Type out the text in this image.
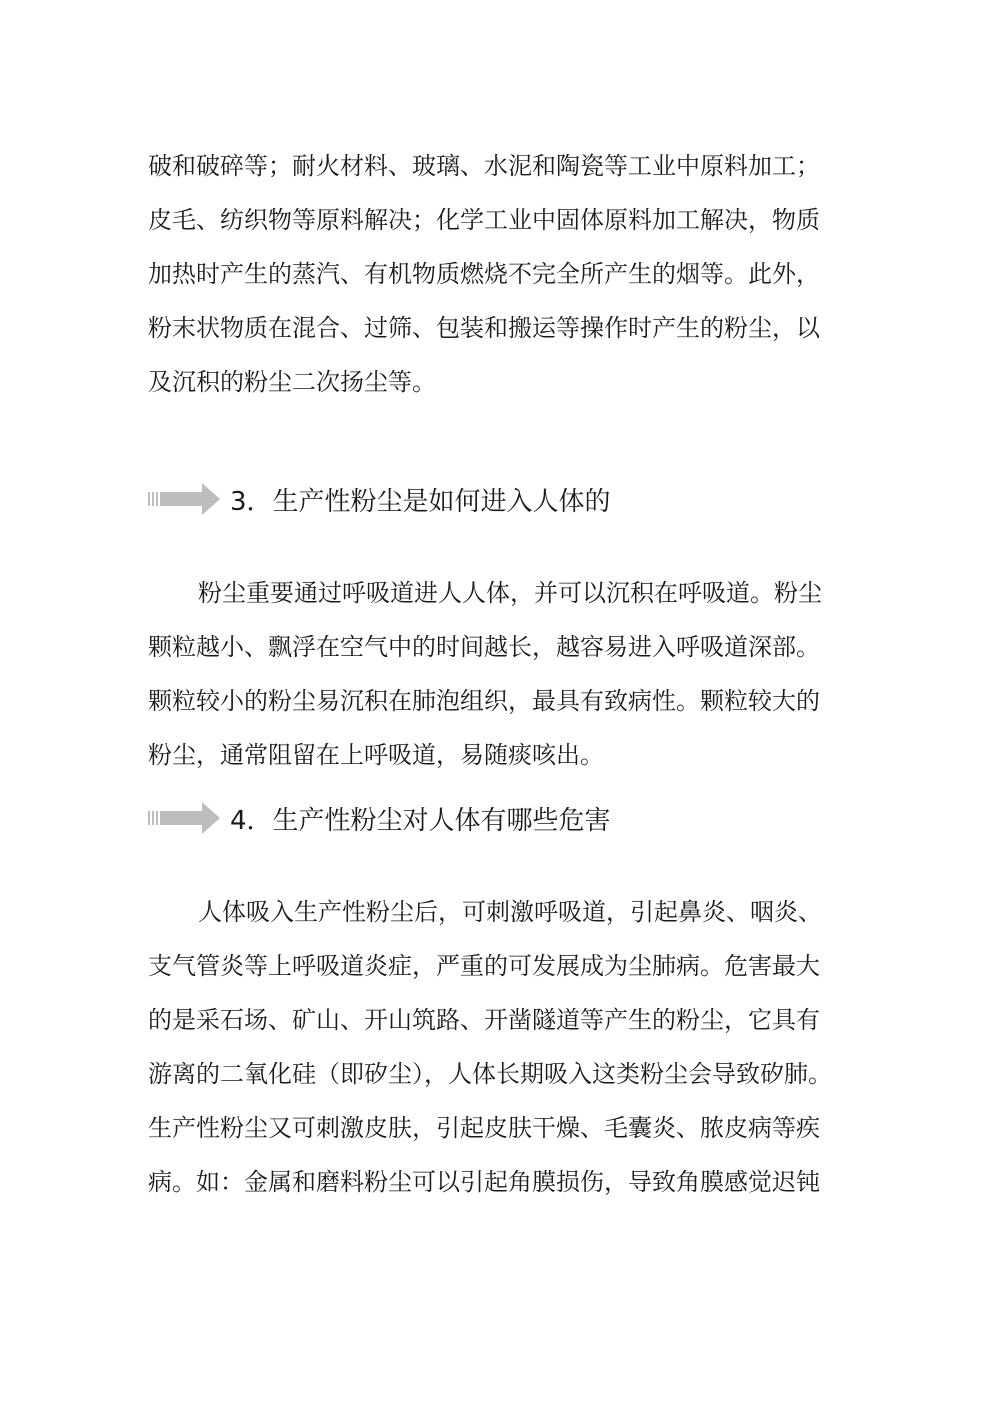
破和破碎等；耐火材料、玻璃、水泥和陶瓷等工业中原料加工；
皮毛、纺织物等原料解决；化学工业中固体原料加工解决，物质
加热时产生的蒸汽、有机物质燃烧不完全所产生的烟等。此外，
粉末状物质在混合、过筛、包装和搬运等操作时产生的粉尘，以
及沉积的粉尘二次扬尘等。
3．生产性粉尘是如何进入人体的
粉尘重要通过呼吸道进人人体，并可以沉积在呼吸道。粉尘
颗粒越小、飘浮在空气中的时间越长，越容易进入呼吸道深部。
颗粒较小的粉尘易沉积在肺泡组织，最具有致病性。颗粒较大的
粉尘，通常阻留在上呼吸道，易随痰咳出。
4．生产性粉尘对人体有哪些危害
人体吸入生产性粉尘后，可刺激呼吸道，引起鼻炎、咽炎、
支气管炎等上呼吸道炎症，严重的可发展成为尘肺病。危害最大
的是采石场、矿山、开山筑路、开凿隧道等产生的粉尘，它具有
游离的二氧化硅（即矽尘），人体长期吸入这类粉尘会导致矽肺。
生产性粉尘又可刺激皮肤，引起皮肤干燥、毛囊炎、脓皮病等疾
病。如：金属和磨料粉尘可以引起角膜损伤，导致角膜感觉迟钝
